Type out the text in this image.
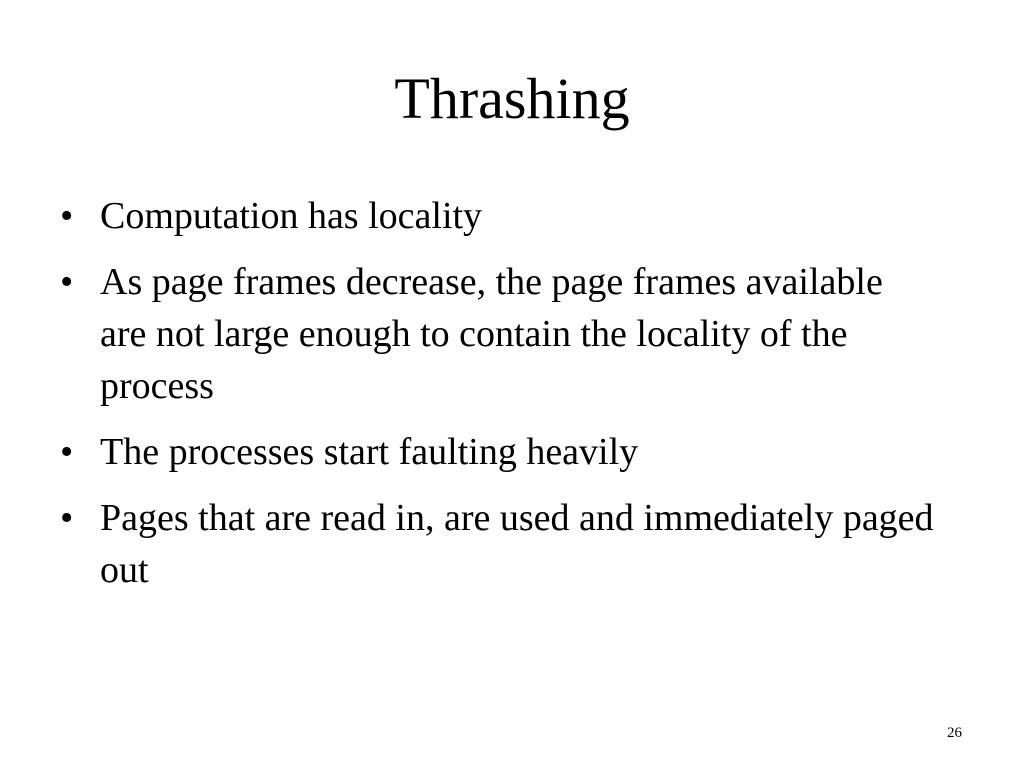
Thrashing
• Computation has locality
• As page frames decrease, the page frames available are not large enough to contain the locality of the process
• The processes start faulting heavily
• Pages that are read in, are used and immediately paged out
26
